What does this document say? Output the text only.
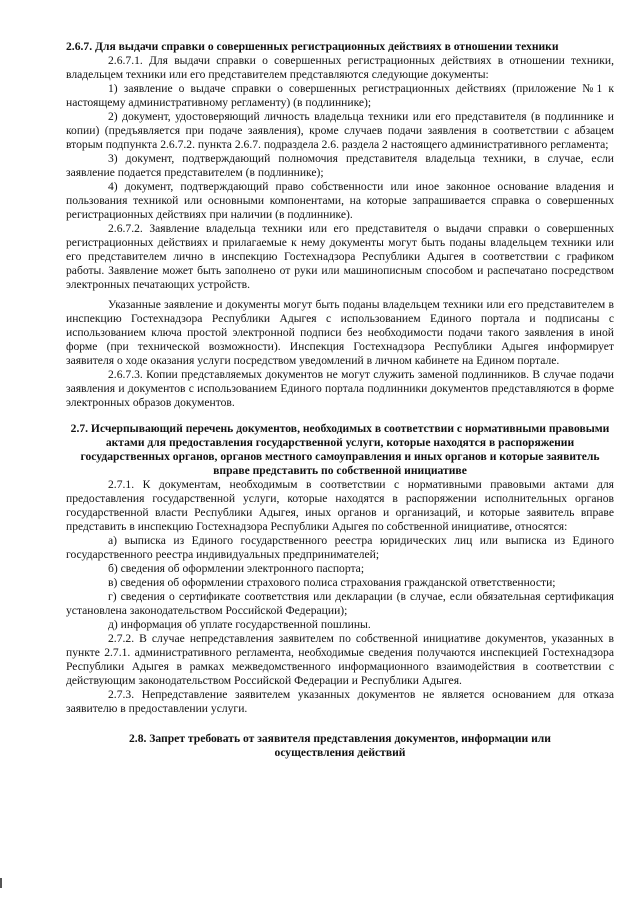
2.6.7. Для выдачи справки о совершенных регистрационных действиях в отношении техники

2.6.7.1. Для выдачи справки о совершенных регистрационных действиях в отношении техники, владельцем техники или его представителем представляются следующие документы:

1) заявление о выдаче справки о совершенных регистрационных действиях (приложение №1 к настоящему административному регламенту) (в подлиннике);

2) документ, удостоверяющий личность владельца техники или его представителя (в подлиннике и копии) (предъявляется при подаче заявления), кроме случаев подачи заявления в соответствии с абзацем вторым подпункта 2.6.7.2. пункта 2.6.7. подраздела 2.6. раздела 2 настоящего административного регламента;

3) документ, подтверждающий полномочия представителя владельца техники, в случае, если заявление подается представителем (в подлиннике);

4) документ, подтверждающий право собственности или иное законное основание владения и пользования техникой или основными компонентами, на которые запрашивается справка о совершенных регистрационных действиях при наличии (в подлиннике).

2.6.7.2. Заявление владельца техники или его представителя о выдачи справки о совершенных регистрационных действиях и прилагаемые к нему документы могут быть поданы владельцем техники или его представителем лично в инспекцию Гостехнадзора Республики Адыгея в соответствии с графиком работы. Заявление может быть заполнено от руки или машинописным способом и распечатано посредством электронных печатающих устройств.

Указанные заявление и документы могут быть поданы владельцем техники или его представителем в инспекцию Гостехнадзора Республики Адыгея с использованием Единого портала и подписаны с использованием ключа простой электронной подписи без необходимости подачи такого заявления в иной форме (при технической возможности). Инспекция Гостехнадзора Республики Адыгея информирует заявителя о ходе оказания услуги посредством уведомлений в личном кабинете на Едином портале.

2.6.7.3. Копии представляемых документов не могут служить заменой подлинников. В случае подачи заявления и документов с использованием Единого портала подлинники документов представляются в форме электронных образов документов.

2.7. Исчерпывающий перечень документов, необходимых в соответствии с нормативными правовыми актами для предоставления государственной услуги, которые находятся в распоряжении государственных органов, органов местного самоуправления и иных органов и которые заявитель вправе представить по собственной инициативе

2.7.1. К документам, необходимым в соответствии с нормативными правовыми актами для предоставления государственной услуги, которые находятся в распоряжении исполнительных органов государственной власти Республики Адыгея, иных органов и организаций, и которые заявитель вправе представить в инспекцию Гостехнадзора Республики Адыгея по собственной инициативе, относятся:

а) выписка из Единого государственного реестра юридических лиц или выписка из Единого государственного реестра индивидуальных предпринимателей;

б) сведения об оформлении электронного паспорта;

в) сведения об оформлении страхового полиса страхования гражданской ответственности;

г) сведения о сертификате соответствия или декларации (в случае, если обязательная сертификация установлена законодательством Российской Федерации);

д) информация об уплате государственной пошлины.

2.7.2. В случае непредставления заявителем по собственной инициативе документов, указанных в пункте 2.7.1. административного регламента, необходимые сведения получаются инспекцией Гостехнадзора Республики Адыгея в рамках межведомственного информационного взаимодействия в соответствии с действующим законодательством Российской Федерации и Республики Адыгея.

2.7.3. Непредставление заявителем указанных документов не является основанием для отказа заявителю в предоставлении услуги.

2.8. Запрет требовать от заявителя представления документов, информации или осуществления действий
